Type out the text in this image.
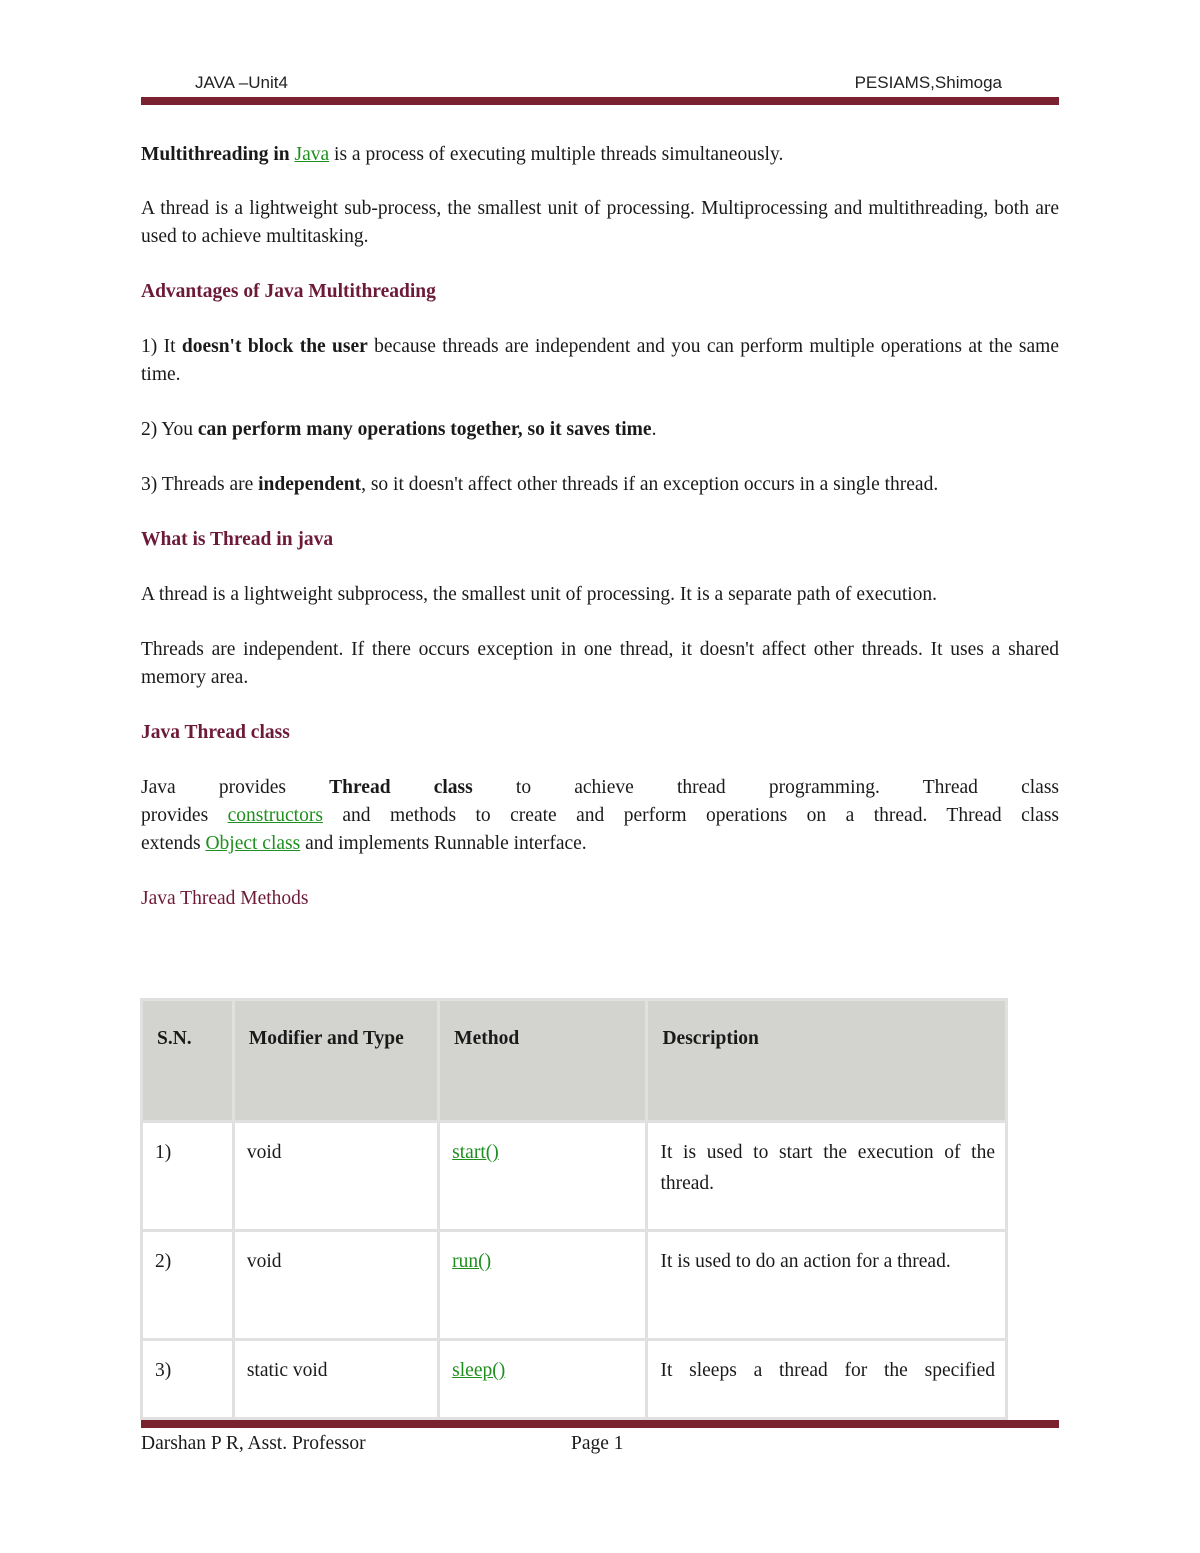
JAVA –Unit4	PESIAMS,Shimoga

Multithreading in Java is a process of executing multiple threads simultaneously.

A thread is a lightweight sub-process, the smallest unit of processing. Multiprocessing and multithreading, both are used to achieve multitasking.

Advantages of Java Multithreading

1) It doesn't block the user because threads are independent and you can perform multiple operations at the same time.

2) You can perform many operations together, so it saves time.

3) Threads are independent, so it doesn't affect other threads if an exception occurs in a single thread.

What is Thread in java

A thread is a lightweight subprocess, the smallest unit of processing. It is a separate path of execution.

Threads are independent. If there occurs exception in one thread, it doesn't affect other threads. It uses a shared memory area.

Java Thread class

Java provides Thread class to achieve thread programming. Thread class
provides constructors and methods to create and perform operations on a thread. Thread class
extends Object class and implements Runnable interface.

Java Thread Methods
S.N.	Modifier and Type	Method	Description
1)	void	start()	It is used to start the execution of the thread.
2)	void	run()	It is used to do an action for a thread.
3)	static void	sleep()	It sleeps a thread for the specified
Darshan P R, Asst. Professor	Page 1
